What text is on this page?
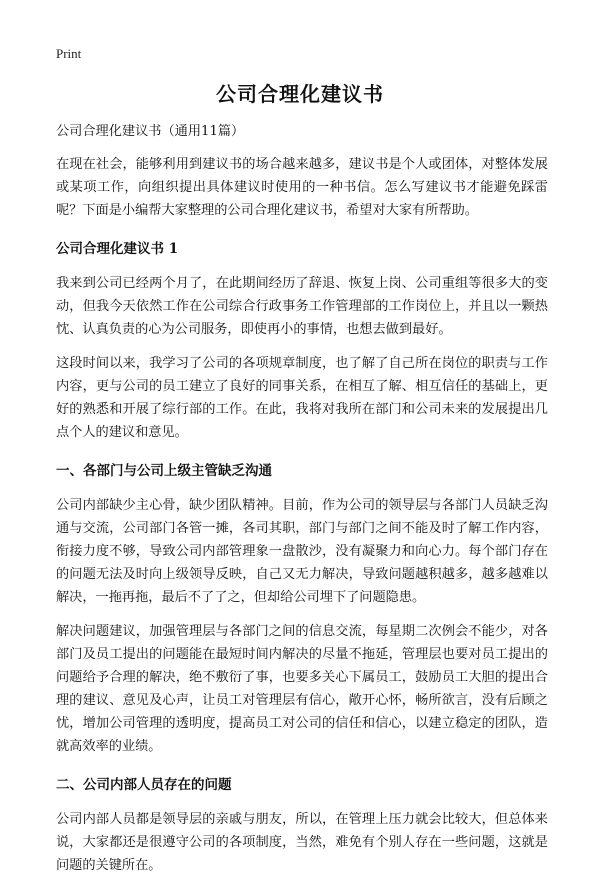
Print
公司合理化建议书
公司合理化建议书（通用11篇）

在现在社会，能够利用到建议书的场合越来越多，建议书是个人或团体，对整体发展或某项工作，向组织提出具体建议时使用的一种书信。怎么写建议书才能避免踩雷呢？下面是小编帮大家整理的公司合理化建议书，希望对大家有所帮助。

公司合理化建议书 1

我来到公司已经两个月了，在此期间经历了辞退、恢复上岗、公司重组等很多大的变动，但我今天依然工作在公司综合行政事务工作管理部的工作岗位上，并且以一颗热忱、认真负责的心为公司服务，即使再小的事情，也想去做到最好。

这段时间以来，我学习了公司的各项规章制度，也了解了自己所在岗位的职责与工作内容，更与公司的员工建立了良好的同事关系，在相互了解、相互信任的基础上，更好的熟悉和开展了综行部的工作。在此，我将对我所在部门和公司未来的发展提出几点个人的建议和意见。

一、各部门与公司上级主管缺乏沟通

公司内部缺少主心骨，缺少团队精神。目前，作为公司的领导层与各部门人员缺乏沟通与交流，公司部门各管一摊，各司其职，部门与部门之间不能及时了解工作内容，衔接力度不够，导致公司内部管理象一盘散沙，没有凝聚力和向心力。每个部门存在的问题无法及时向上级领导反映，自己又无力解决，导致问题越积越多，越多越难以解决，一拖再拖，最后不了了之，但却给公司埋下了问题隐患。

解决问题建议，加强管理层与各部门之间的信息交流，每星期二次例会不能少，对各部门及员工提出的问题能在最短时间内解决的尽量不拖延，管理层也要对员工提出的问题给予合理的解决，绝不敷衍了事，也要多关心下属员工，鼓励员工大胆的提出合理的建议、意见及心声，让员工对管理层有信心，敞开心怀，畅所欲言，没有后顾之忧，增加公司管理的透明度，提高员工对公司的信任和信心，以建立稳定的团队，造就高效率的业绩。

二、公司内部人员存在的问题

公司内部人员都是领导层的亲戚与朋友，所以，在管理上压力就会比较大，但总体来说，大家都还是很遵守公司的各项制度，当然，难免有个别人存在一些问题，这就是问题的关键所在。
